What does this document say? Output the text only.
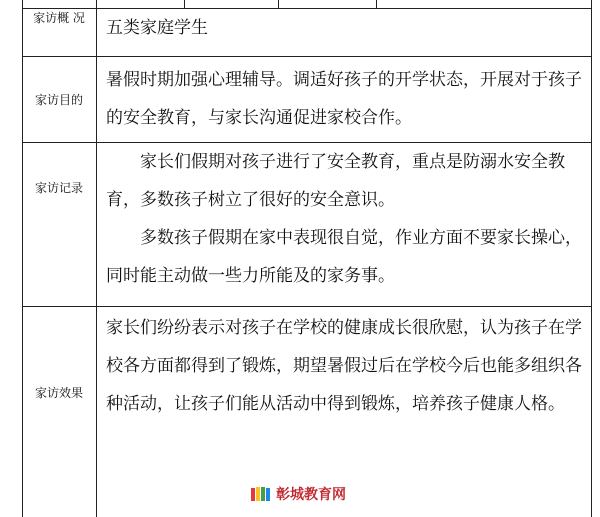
家访概 况

五类家庭学生

家访目的

暑假时期加强心理辅导。调适好孩子的开学状态，开展对于孩子的安全教育，与家长沟通促进家校合作。

家访记录

家长们假期对孩子进行了安全教育，重点是防溺水安全教育，多数孩子树立了很好的安全意识。

多数孩子假期在家中表现很自觉，作业方面不要家长操心，同时能主动做一些力所能及的家务事。

家访效果

家长们纷纷表示对孩子在学校的健康成长很欣慰，认为孩子在学校各方面都得到了锻炼，期望暑假过后在学校今后也能多组织各种活动，让孩子们能从活动中得到锻炼，培养孩子健康人格。

彰城教育网
